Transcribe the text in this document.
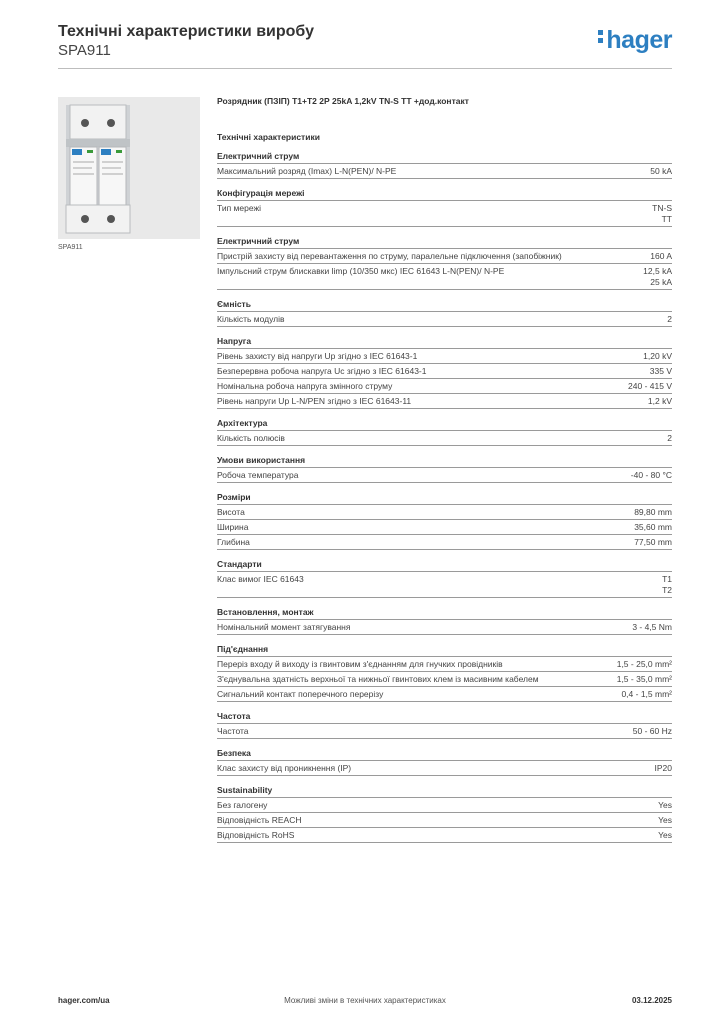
Технічні характеристики виробу
SPA911	hager
SPA911
Розрядник (ПЗІП) Т1+Т2 2Р 25kA 1,2kV TN-S TT +дод.контакт
Технічні характеристики
Електричний струм
Максимальний розряд (Imax) L-N(PEN)/ N-PE	50 kA
Конфігурація мережі
Тип мережі	TN-S
TT
Електричний струм
Пристрій захисту від перевантаження по струму, паралельне підключення (запобіжник)	160 A
Імпульсний струм блискавки limp (10/350 мкс) IEC 61643 L-N(PEN)/ N-PE	12,5 kA
25 kA
Ємність
Кількість модулів	2
Напруга
Рівень захисту від напруги Up згідно з IEC 61643-1	1,20 kV
Безперервна робоча напруга Uc згідно з IEC 61643-1	335 V
Номінальна робоча напруга змінного струму	240 - 415 V
Рівень напруги Up L-N/PEN згідно з IEC 61643-11	1,2 kV
Архітектура
Кількість полюсів	2
Умови використання
Робоча температура	-40 - 80 °C
Розміри
Висота	89,80 mm
Ширина	35,60 mm
Глибина	77,50 mm
Стандарти
Клас вимог IEC 61643	T1
T2
Встановлення, монтаж
Номінальний момент затягування	3 - 4,5 Nm
Під'єднання
Переріз входу й виходу із гвинтовим з'єднанням для гнучких провідників	1,5 - 25,0 mm²
З'єднувальна здатність верхньої та нижньої гвинтових клем із масивним кабелем	1,5 - 35,0 mm²
Сигнальний контакт поперечного перерізу	0,4 - 1,5 mm²
Частота
Частота	50 - 60 Hz
Безпека
Клас захисту від проникнення (IP)	IP20
Sustainability
Без галогену	Yes
Відповідність REACH	Yes
Відповідність RoHS	Yes
Можливі зміни в технічних характеристиках
hager.com/ua	03.12.2025
